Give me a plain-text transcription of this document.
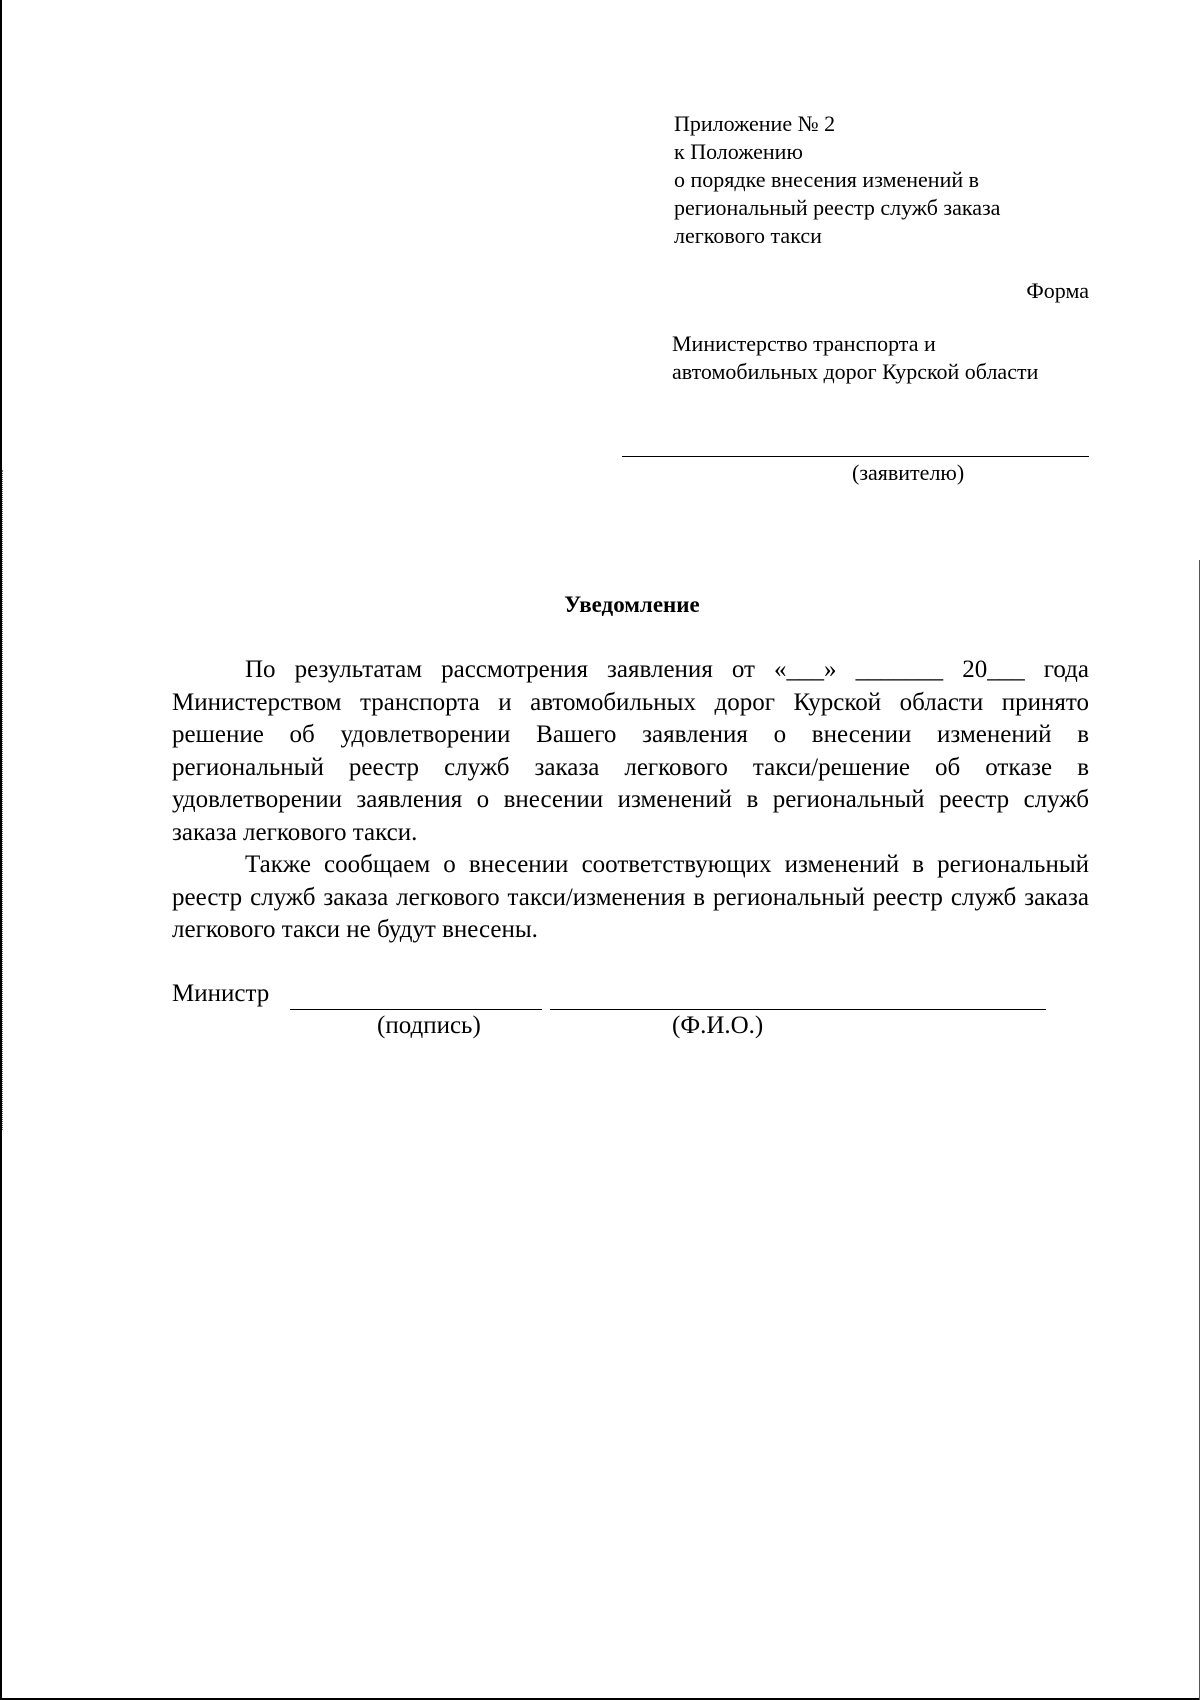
Приложение № 2
к Положению
о порядке внесения изменений в
региональный реестр служб заказа
легкового такси
Форма
Министерство транспорта и
автомобильных дорог Курской области
(заявителю)
Уведомление

По результатам рассмотрения заявления от «___» _______ 20___ года Министерством транспорта и автомобильных дорог Курской области принято решение об удовлетворении Вашего заявления о внесении изменений в региональный реестр служб заказа легкового такси/решение об отказе в удовлетворении заявления о внесении изменений в региональный реестр служб заказа легкового такси.

Также сообщаем о внесении соответствующих изменений в региональный реестр служб заказа легкового такси/изменения в региональный реестр служб заказа легкового такси не будут внесены.

Министр
(подпись)	(Ф.И.О.)
